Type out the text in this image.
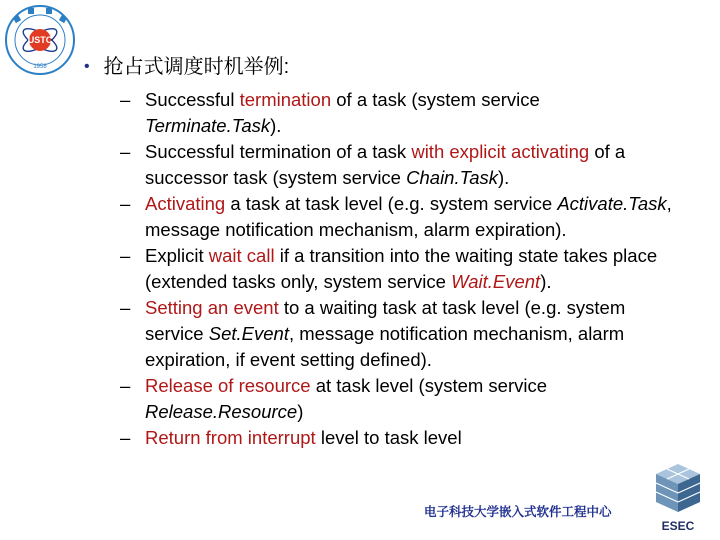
USTC
1958 • 抢占式调度时机举例:
– Successful termination of a task (system service Terminate.Task).
– Successful termination of a task with explicit activating of a successor task (system service Chain.Task).
– Activating a task at task level (e.g. system service Activate.Task, message notification mechanism, alarm expiration).
– Explicit wait call if a transition into the waiting state takes place (extended tasks only, system service Wait.Event).
– Setting an event to a waiting task at task level (e.g. system service Set.Event, message notification mechanism, alarm expiration, if event setting defined).
– Release of resource at task level (system service Release.Resource)
– Return from interrupt level to task level
电子科技大学嵌入式软件工程中心
ESEC
